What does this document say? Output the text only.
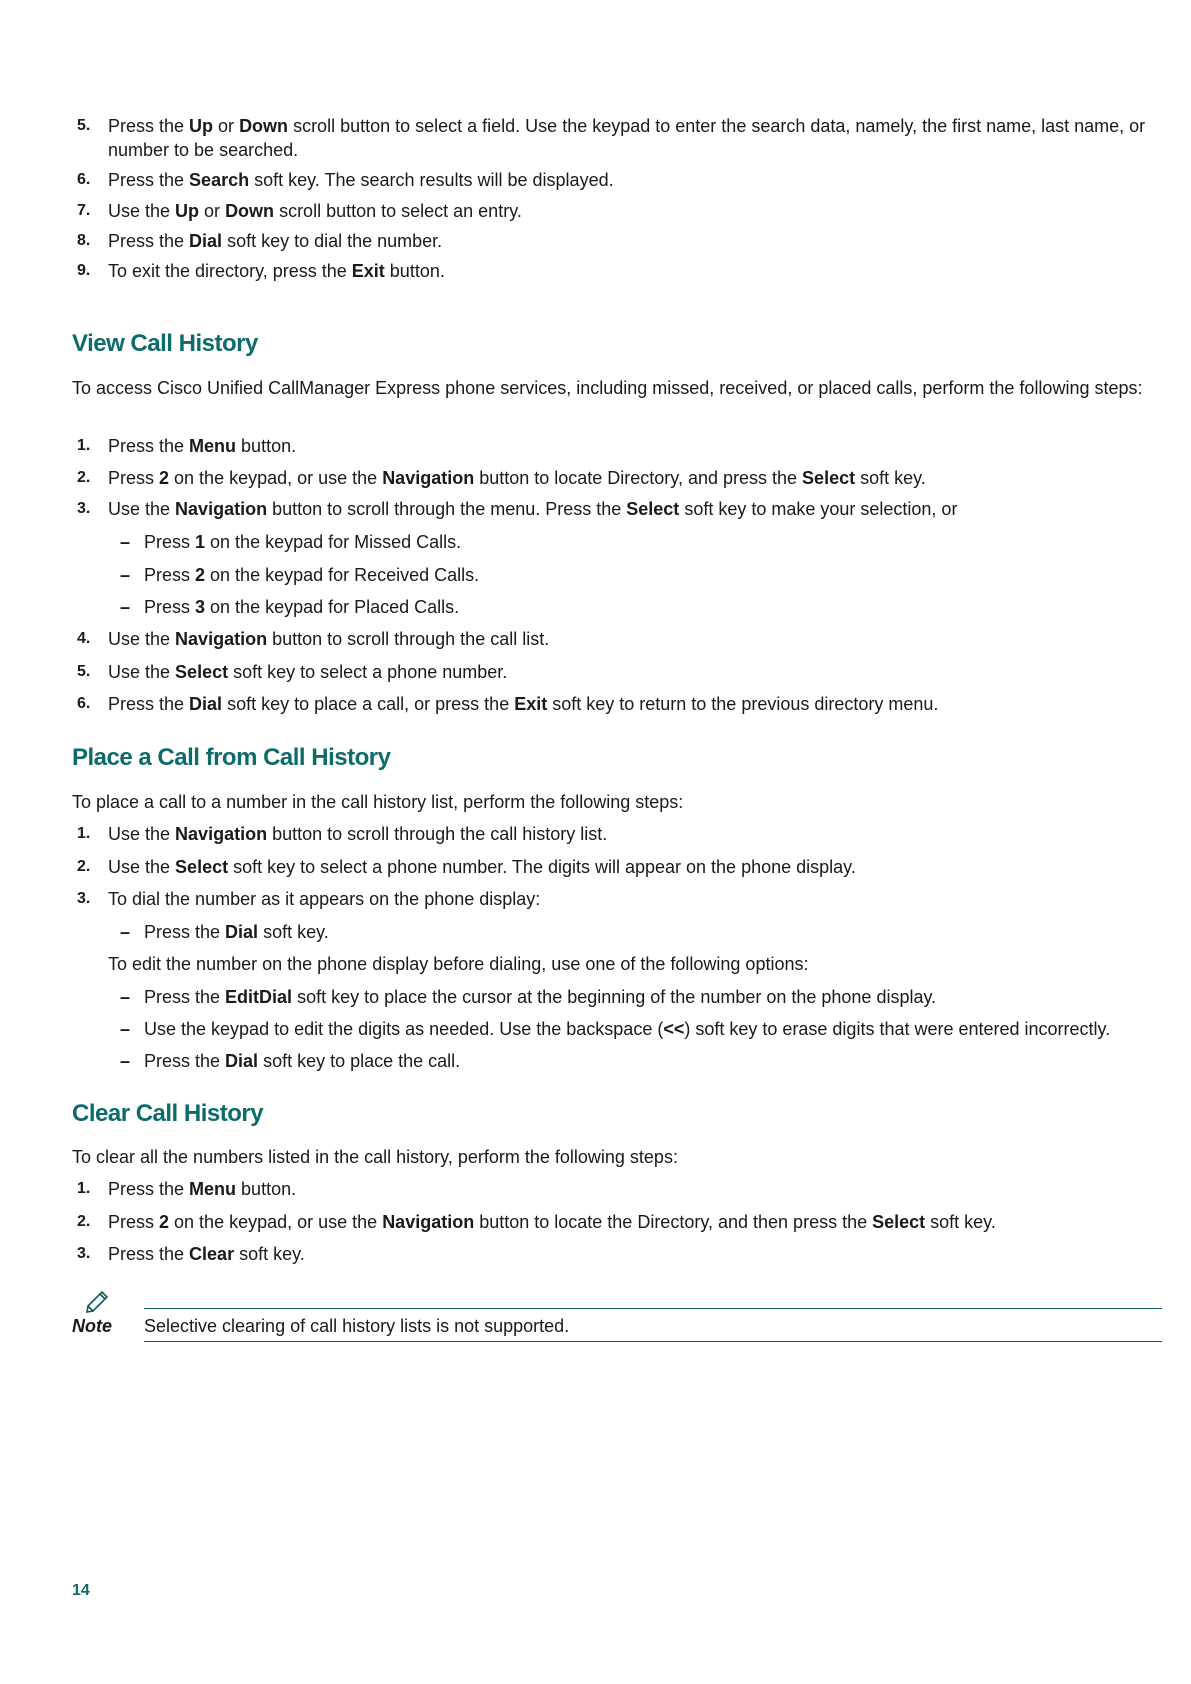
5. Press the Up or Down scroll button to select a field. Use the keypad to enter the search data, namely, the first name, last name, or number to be searched.
6. Press the Search soft key. The search results will be displayed.
7. Use the Up or Down scroll button to select an entry.
8. Press the Dial soft key to dial the number.
9. To exit the directory, press the Exit button.
View Call History

To access Cisco Unified CallManager Express phone services, including missed, received, or placed calls, perform the following steps:

1. Press the Menu button.
2. Press 2 on the keypad, or use the Navigation button to locate Directory, and press the Select soft key.
3. Use the Navigation button to scroll through the menu. Press the Select soft key to make your selection, or
– Press 1 on the keypad for Missed Calls.
– Press 2 on the keypad for Received Calls.
– Press 3 on the keypad for Placed Calls.
4. Use the Navigation button to scroll through the call list.
5. Use the Select soft key to select a phone number.
6. Press the Dial soft key to place a call, or press the Exit soft key to return to the previous directory menu.
Place a Call from Call History

To place a call to a number in the call history list, perform the following steps:

1. Use the Navigation button to scroll through the call history list.
2. Use the Select soft key to select a phone number. The digits will appear on the phone display.
3. To dial the number as it appears on the phone display:
– Press the Dial soft key.
To edit the number on the phone display before dialing, use one of the following options:
– Press the EditDial soft key to place the cursor at the beginning of the number on the phone display.
– Use the keypad to edit the digits as needed. Use the backspace (<<) soft key to erase digits that were entered incorrectly.
– Press the Dial soft key to place the call.
Clear Call History

To clear all the numbers listed in the call history, perform the following steps:

1. Press the Menu button.
2. Press 2 on the keypad, or use the Navigation button to locate the Directory, and then press the Select soft key.
3. Press the Clear soft key.
Note Selective clearing of call history lists is not supported.
14
